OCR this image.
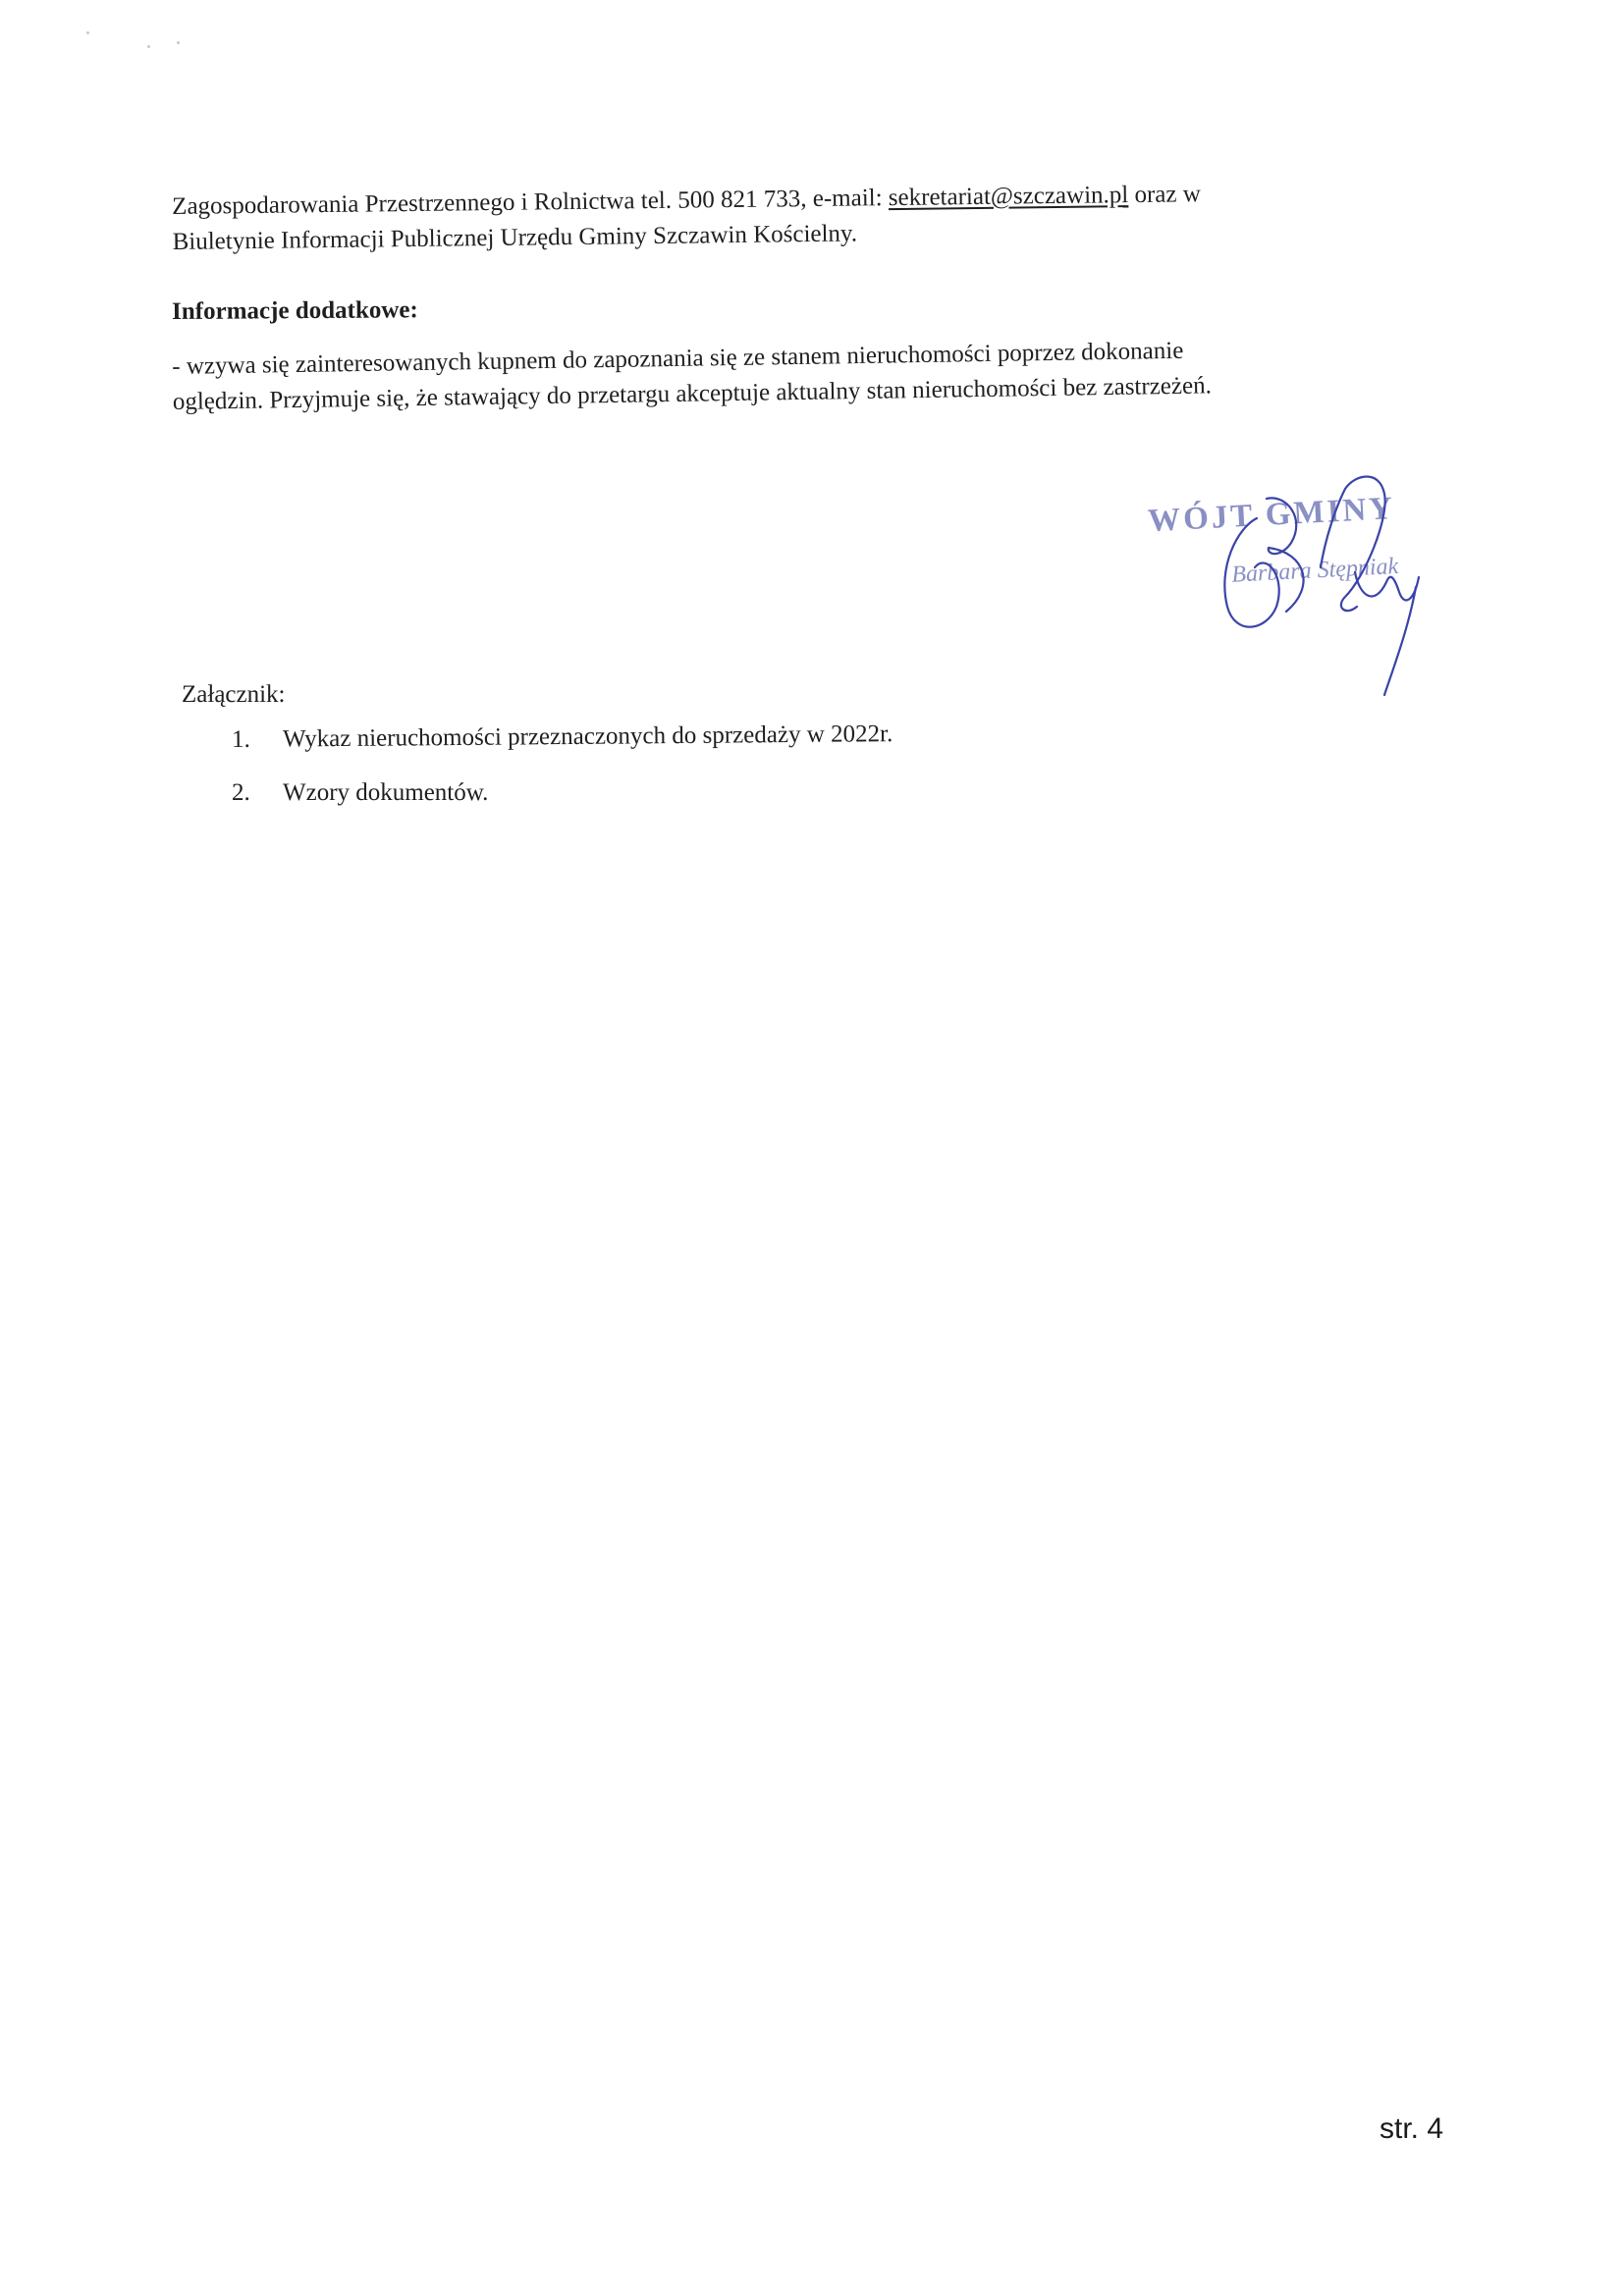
Zagospodarowania Przestrzennego i Rolnictwa tel. 500 821 733, e-mail: sekretariat@szczawin.pl oraz w
Biuletynie Informacji Publicznej Urzędu Gminy Szczawin Kościelny.
Informacje dodatkowe:
- wzywa się zainteresowanych kupnem do zapoznania się ze stanem nieruchomości poprzez dokonanie
oględzin. Przyjmuje się, że stawający do przetargu akceptuje aktualny stan nieruchomości bez zastrzeżeń.
WÓJT GMINY
Barbara Stępniak
Załącznik:
1.	Wykaz nieruchomości przeznaczonych do sprzedaży w 2022r.
2.	Wzory dokumentów.
str. 4
